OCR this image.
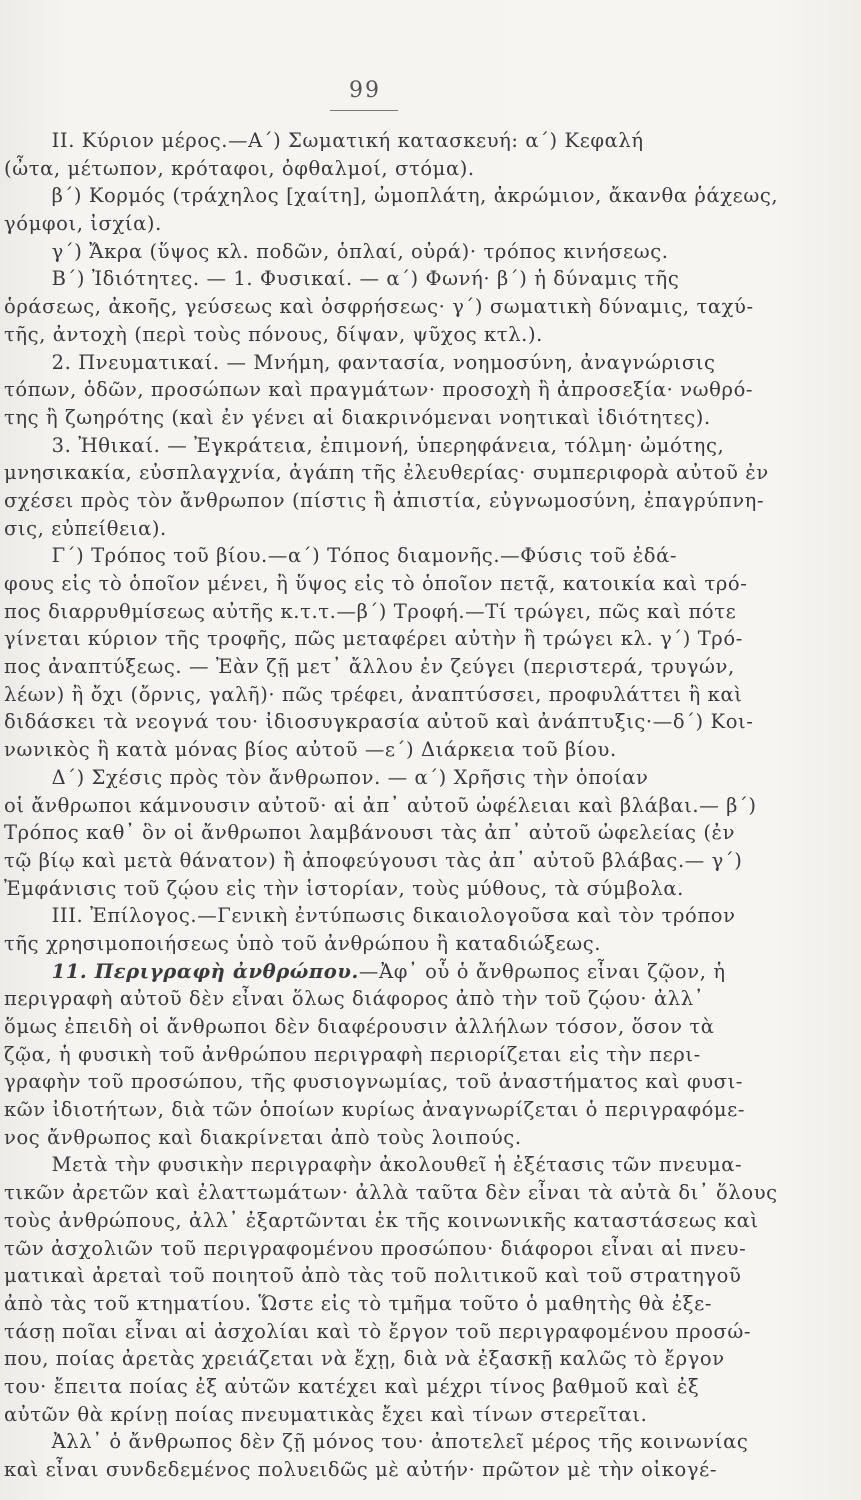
99
II. Κύριον μέρος.—Α΄) Σωματική κατασκευή: α΄) Κεφαλή
(ὦτα, μέτωπον, κρόταφοι, ὀφθαλμοί, στόμα).
β΄) Κορμός (τράχηλος [χαίτη], ὠμοπλάτη, ἀκρώμιον, ἄκανθα ῥάχεως,
γόμφοι, ἰσχία).
γ΄) Ἄκρα (ὕψος κλ. ποδῶν, ὁπλαί, οὐρά)· τρόπος κινήσεως.
Β΄) Ἰδιότητες. — 1. Φυσικαί. — α΄) Φωνή· β΄) ἡ δύναμις τῆς
ὁράσεως, ἀκοῆς, γεύσεως καὶ ὀσφρήσεως· γ΄) σωματικὴ δύναμις, ταχύ-
τῆς, ἀντοχὴ (περὶ τοὺς πόνους, δίψαν, ψῦχος κτλ.).
2. Πνευματικαί. — Μνήμη, φαντασία, νοημοσύνη, ἀναγνώρισις
τόπων, ὁδῶν, προσώπων καὶ πραγμάτων· προσοχὴ ἢ ἀπροσεξία· νωθρό-
της ἢ ζωηρότης (καὶ ἐν γένει αἱ διακρινόμεναι νοητικαὶ ἰδιότητες).
3. Ἠθικαί. — Ἐγκράτεια, ἐπιμονή, ὑπερηφάνεια, τόλμη· ὠμότης,
μνησικακία, εὐσπλαγχνία, ἀγάπη τῆς ἐλευθερίας· συμπεριφορὰ αὐτοῦ ἐν
σχέσει πρὸς τὸν ἄνθρωπον (πίστις ἢ ἀπιστία, εὐγνωμοσύνη, ἐπαγρύπνη-
σις, εὐπείθεια).
Γ΄) Τρόπος τοῦ βίου.—α΄) Τόπος διαμονῆς.—Φύσις τοῦ ἐδά-
φους εἰς τὸ ὁποῖον μένει, ἢ ὕψος εἰς τὸ ὁποῖον πετᾷ, κατοικία καὶ τρό-
πος διαρρυθμίσεως αὐτῆς κ.τ.τ.—β΄) Τροφή.—Τί τρώγει, πῶς καὶ πότε
γίνεται κύριον τῆς τροφῆς, πῶς μεταφέρει αὐτὴν ἢ τρώγει κλ. γ΄) Τρό-
πος ἀναπτύξεως. — Ἐὰν ζῇ μετ᾽ ἄλλου ἐν ζεύγει (περιστερά, τρυγών,
λέων) ἢ ὄχι (ὄρνις, γαλῆ)· πῶς τρέφει, ἀναπτύσσει, προφυλάττει ἢ καὶ
διδάσκει τὰ νεογνά του· ἰδιοσυγκρασία αὐτοῦ καὶ ἀνάπτυξις·—δ΄) Κοι-
νωνικὸς ἢ κατὰ μόνας βίος αὐτοῦ —ε΄) Διάρκεια τοῦ βίου.
Δ΄) Σχέσις πρὸς τὸν ἄνθρωπον. — α΄) Χρῆσις τὴν ὁποίαν
οἱ ἄνθρωποι κάμνουσιν αὐτοῦ· αἱ ἀπ᾽ αὐτοῦ ὠφέλειαι καὶ βλάβαι.— β΄)
Τρόπος καθ᾽ ὃν οἱ ἄνθρωποι λαμβάνουσι τὰς ἀπ᾽ αὐτοῦ ὠφελείας (ἐν
τῷ βίῳ καὶ μετὰ θάνατον) ἢ ἀποφεύγουσι τὰς ἀπ᾽ αὐτοῦ βλάβας.— γ΄)
Ἐμφάνισις τοῦ ζῴου εἰς τὴν ἱστορίαν, τοὺς μύθους, τὰ σύμβολα.
III. Ἐπίλογος.—Γενικὴ ἐντύπωσις δικαιολογοῦσα καὶ τὸν τρόπον
τῆς χρησιμοποιήσεως ὑπὸ τοῦ ἀνθρώπου ἢ καταδιώξεως.
11. Περιγραφὴ ἀνθρώπου.—Ἀφ᾽ οὗ ὁ ἄνθρωπος εἶναι ζῷον, ἡ
περιγραφὴ αὐτοῦ δὲν εἶναι ὅλως διάφορος ἀπὸ τὴν τοῦ ζῴου· ἀλλ᾽
ὅμως ἐπειδὴ οἱ ἄνθρωποι δὲν διαφέρουσιν ἀλλήλων τόσον, ὅσον τὰ
ζῷα, ἡ φυσικὴ τοῦ ἀνθρώπου περιγραφὴ περιορίζεται εἰς τὴν περι-
γραφὴν τοῦ προσώπου, τῆς φυσιογνωμίας, τοῦ ἀναστήματος καὶ φυσι-
κῶν ἰδιοτήτων, διὰ τῶν ὁποίων κυρίως ἀναγνωρίζεται ὁ περιγραφόμε-
νος ἄνθρωπος καὶ διακρίνεται ἀπὸ τοὺς λοιπούς.
Μετὰ τὴν φυσικὴν περιγραφὴν ἀκολουθεῖ ἡ ἐξέτασις τῶν πνευμα-
τικῶν ἀρετῶν καὶ ἐλαττωμάτων· ἀλλὰ ταῦτα δὲν εἶναι τὰ αὐτὰ δι᾽ ὅλους
τοὺς ἀνθρώπους, ἀλλ᾽ ἐξαρτῶνται ἐκ τῆς κοινωνικῆς καταστάσεως καὶ
τῶν ἀσχολιῶν τοῦ περιγραφομένου προσώπου· διάφοροι εἶναι αἱ πνευ-
ματικαὶ ἀρεταὶ τοῦ ποιητοῦ ἀπὸ τὰς τοῦ πολιτικοῦ καὶ τοῦ στρατηγοῦ
ἀπὸ τὰς τοῦ κτηματίου. Ὥστε εἰς τὸ τμῆμα τοῦτο ὁ μαθητὴς θὰ ἐξε-
τάσῃ ποῖαι εἶναι αἱ ἀσχολίαι καὶ τὸ ἔργον τοῦ περιγραφομένου προσώ-
που, ποίας ἀρετὰς χρειάζεται νὰ ἔχῃ, διὰ νὰ ἐξασκῇ καλῶς τὸ ἔργον
του· ἔπειτα ποίας ἐξ αὐτῶν κατέχει καὶ μέχρι τίνος βαθμοῦ καὶ ἐξ
αὐτῶν θὰ κρίνῃ ποίας πνευματικὰς ἔχει καὶ τίνων στερεῖται.
Ἀλλ᾽ ὁ ἄνθρωπος δὲν ζῇ μόνος του· ἀποτελεῖ μέρος τῆς κοινωνίας
καὶ εἶναι συνδεδεμένος πολυειδῶς μὲ αὐτήν· πρῶτον μὲ τὴν οἰκογέ-
